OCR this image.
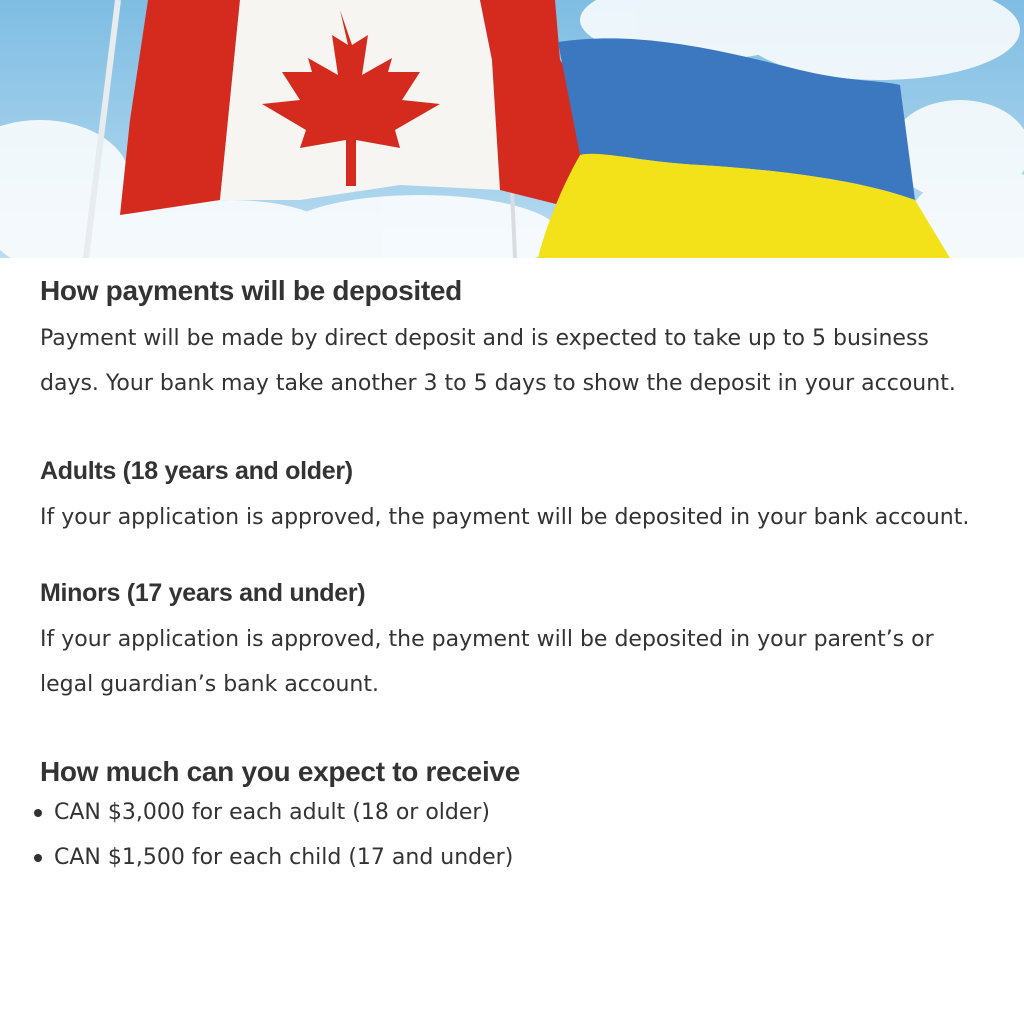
How payments will be deposited

Payment will be made by direct deposit and is expected to take up to 5 business days. Your bank may take another 3 to 5 days to show the deposit in your account.

Adults (18 years and older)

If your application is approved, the payment will be deposited in your bank account.

Minors (17 years and under)

If your application is approved, the payment will be deposited in your parent’s or legal guardian’s bank account.

How much can you expect to receive
CAN $3,000 for each adult (18 or older)
CAN $1,500 for each child (17 and under)
